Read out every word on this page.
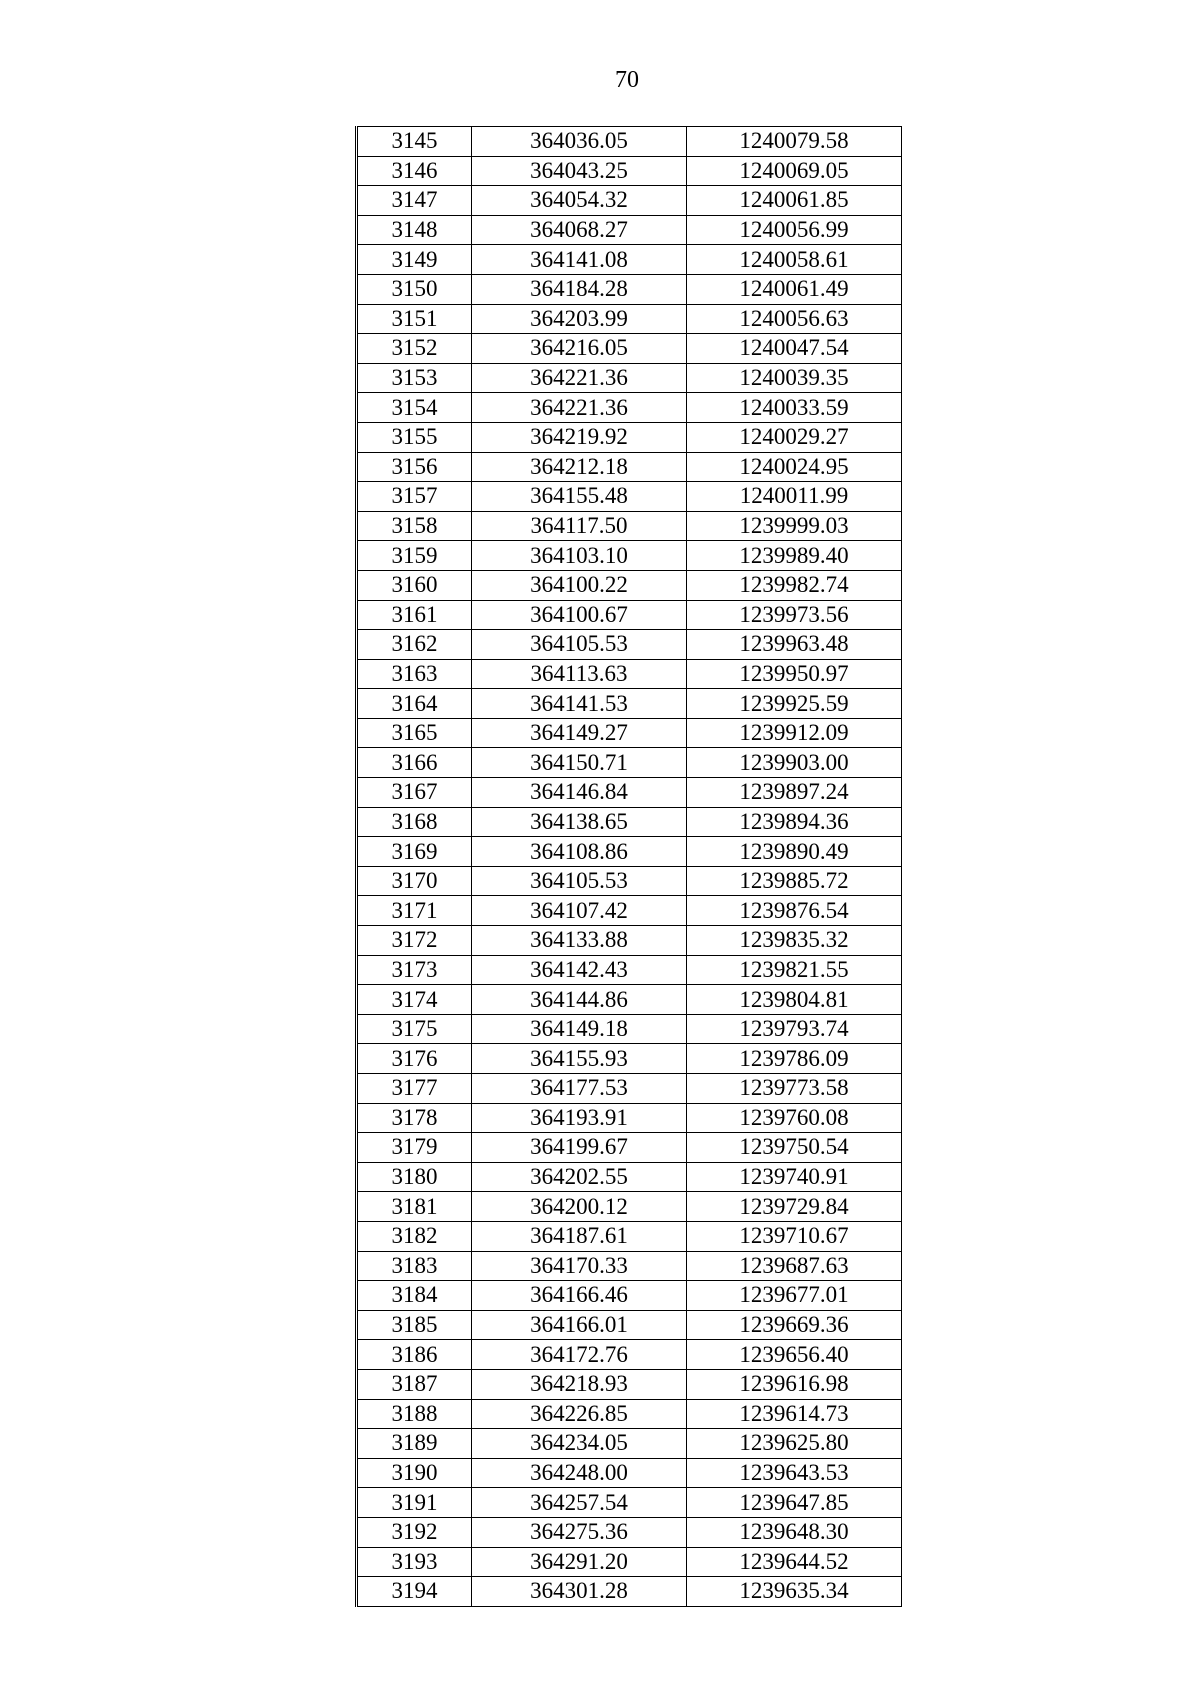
70
3145	364036.05	1240079.58
3146	364043.25	1240069.05
3147	364054.32	1240061.85
3148	364068.27	1240056.99
3149	364141.08	1240058.61
3150	364184.28	1240061.49
3151	364203.99	1240056.63
3152	364216.05	1240047.54
3153	364221.36	1240039.35
3154	364221.36	1240033.59
3155	364219.92	1240029.27
3156	364212.18	1240024.95
3157	364155.48	1240011.99
3158	364117.50	1239999.03
3159	364103.10	1239989.40
3160	364100.22	1239982.74
3161	364100.67	1239973.56
3162	364105.53	1239963.48
3163	364113.63	1239950.97
3164	364141.53	1239925.59
3165	364149.27	1239912.09
3166	364150.71	1239903.00
3167	364146.84	1239897.24
3168	364138.65	1239894.36
3169	364108.86	1239890.49
3170	364105.53	1239885.72
3171	364107.42	1239876.54
3172	364133.88	1239835.32
3173	364142.43	1239821.55
3174	364144.86	1239804.81
3175	364149.18	1239793.74
3176	364155.93	1239786.09
3177	364177.53	1239773.58
3178	364193.91	1239760.08
3179	364199.67	1239750.54
3180	364202.55	1239740.91
3181	364200.12	1239729.84
3182	364187.61	1239710.67
3183	364170.33	1239687.63
3184	364166.46	1239677.01
3185	364166.01	1239669.36
3186	364172.76	1239656.40
3187	364218.93	1239616.98
3188	364226.85	1239614.73
3189	364234.05	1239625.80
3190	364248.00	1239643.53
3191	364257.54	1239647.85
3192	364275.36	1239648.30
3193	364291.20	1239644.52
3194	364301.28	1239635.34
